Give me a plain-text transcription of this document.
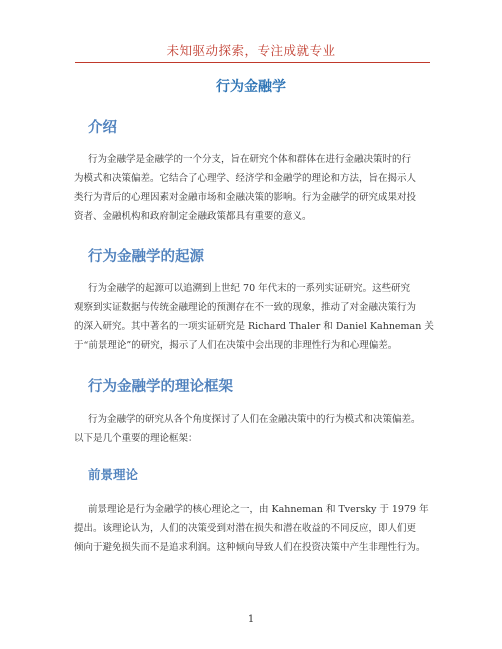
未知驱动探索，专注成就专业
行为金融学
介绍
行为金融学是金融学的一个分支，旨在研究个体和群体在进行金融决策时的行
为模式和决策偏差。它结合了心理学、经济学和金融学的理论和方法，旨在揭示人
类行为背后的心理因素对金融市场和金融决策的影响。行为金融学的研究成果对投
资者、金融机构和政府制定金融政策都具有重要的意义。
行为金融学的起源
行为金融学的起源可以追溯到上世纪 70 年代末的一系列实证研究。这些研究
观察到实证数据与传统金融理论的预测存在不一致的现象，推动了对金融决策行为
的深入研究。其中著名的一项实证研究是 Richard Thaler 和 Daniel Kahneman 关
于“前景理论”的研究，揭示了人们在决策中会出现的非理性行为和心理偏差。
行为金融学的理论框架
行为金融学的研究从各个角度探讨了人们在金融决策中的行为模式和决策偏差。
以下是几个重要的理论框架：
前景理论
前景理论是行为金融学的核心理论之一，由 Kahneman 和 Tversky 于 1979 年
提出。该理论认为，人们的决策受到对潜在损失和潜在收益的不同反应，即人们更
倾向于避免损失而不是追求利润。这种倾向导致人们在投资决策中产生非理性行为。
1
